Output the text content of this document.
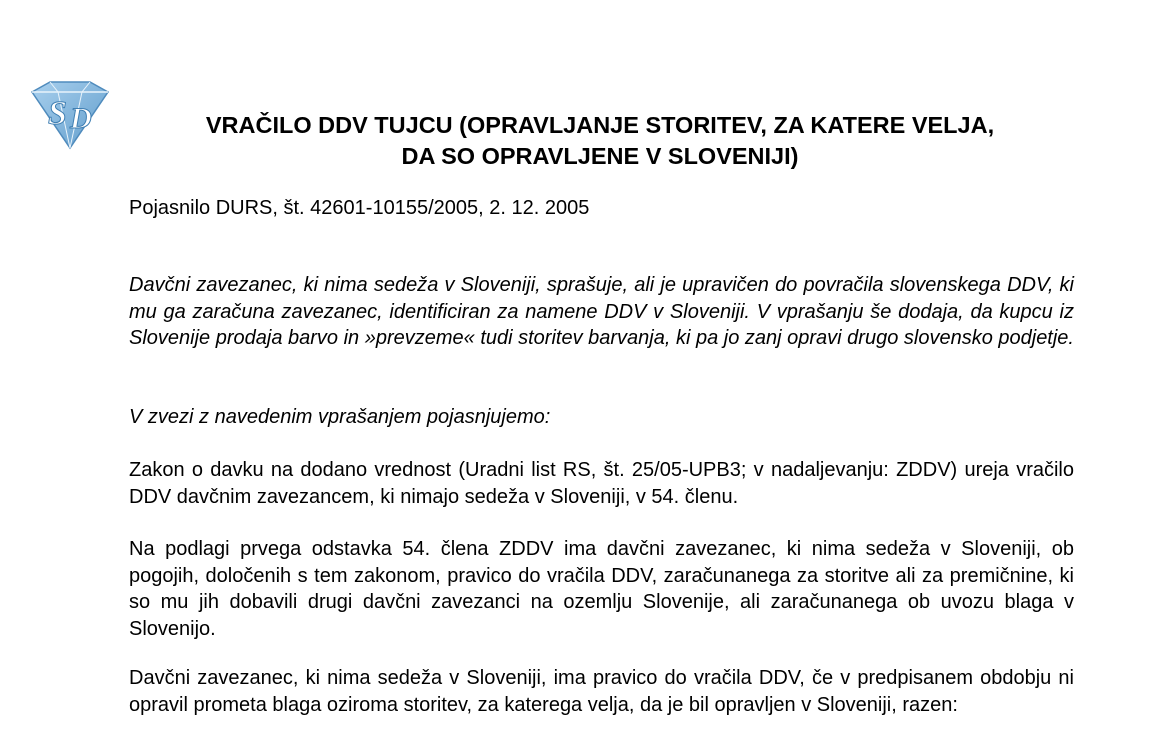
S D	VRAČILO DDV TUJCU (OPRAVLJANJE STORITEV, ZA KATERE VELJA,
DA SO OPRAVLJENE V SLOVENIJI)
Pojasnilo DURS, št. 42601-10155/2005, 2. 12. 2005

Davčni zavezanec, ki nima sedeža v Sloveniji, sprašuje, ali je upravičen do povračila slovenskega DDV, ki mu ga zaračuna zavezanec, identificiran za namene DDV v Sloveniji. V vprašanju še dodaja, da kupcu iz Slovenije prodaja barvo in »prevzeme« tudi storitev barvanja, ki pa jo zanj opravi drugo slovensko podjetje.

V zvezi z navedenim vprašanjem pojasnjujemo:

Zakon o davku na dodano vrednost (Uradni list RS, št. 25/05-UPB3; v nadaljevanju: ZDDV) ureja vračilo DDV davčnim zavezancem, ki nimajo sedeža v Sloveniji, v 54. členu.

Na podlagi prvega odstavka 54. člena ZDDV ima davčni zavezanec, ki nima sedeža v Sloveniji, ob pogojih, določenih s tem zakonom, pravico do vračila DDV, zaračunanega za storitve ali za premičnine, ki so mu jih dobavili drugi davčni zavezanci na ozemlju Slovenije, ali zaračunanega ob uvozu blaga v Slovenijo.

Davčni zavezanec, ki nima sedeža v Sloveniji, ima pravico do vračila DDV, če v predpisanem obdobju ni opravil prometa blaga oziroma storitev, za katerega velja, da je bil opravljen v Sloveniji, razen:
